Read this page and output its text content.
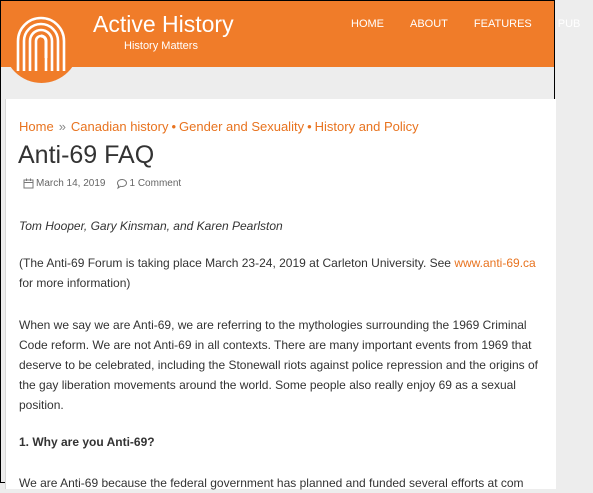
Active History
History Matters
HOME	ABOUT	FEATURES	PUB
Home » Canadian history • Gender and Sexuality • History and Policy
Anti-69 FAQ
March 14, 2019 1 Comment
Tom Hooper, Gary Kinsman, and Karen Pearlston
(The Anti-69 Forum is taking place March 23-24, 2019 at Carleton University. See www.anti-69.ca for more information)
When we say we are Anti-69, we are referring to the mythologies surrounding the 1969 Criminal Code reform. We are not Anti-69 in all contexts. There are many important events from 1969 that deserve to be celebrated, including the Stonewall riots against police repression and the origins of the gay liberation movements around the world. Some people also really enjoy 69 as a sexual position.
1. Why are you Anti-69?
We are Anti-69 because the federal government has planned and funded several efforts at com
